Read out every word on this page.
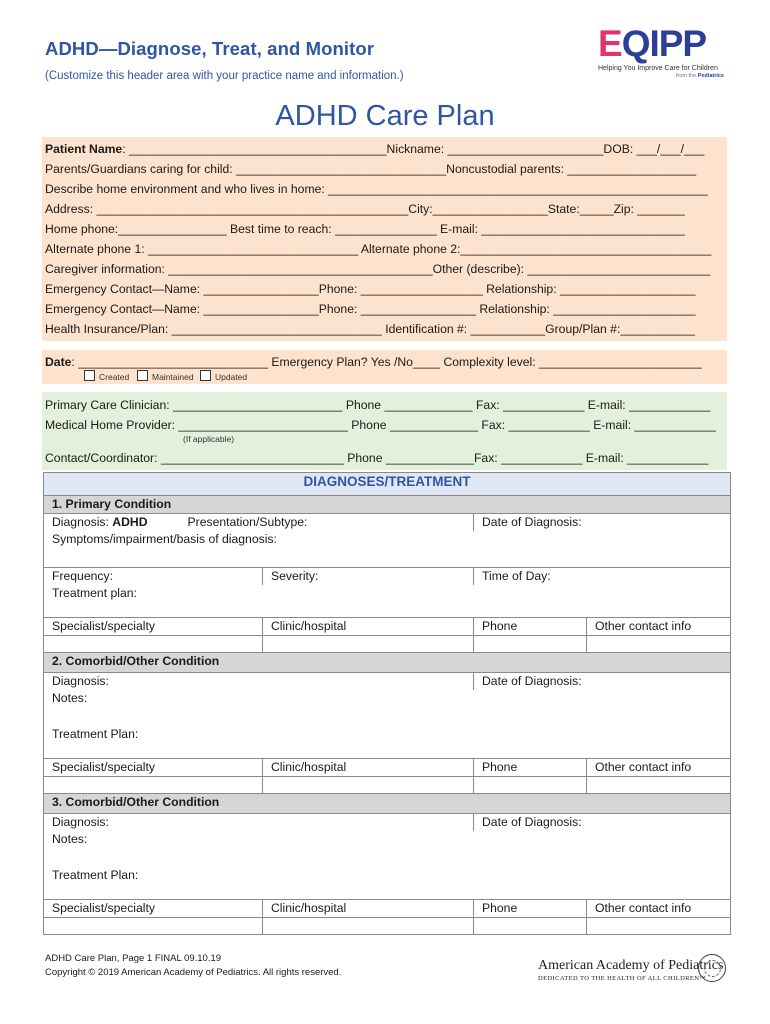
ADHD—Diagnose, Treat, and Monitor
(Customize this header area with your practice name and information.)
EQIPP
Helping You Improve Care for Children
from the Pediatrics
ADHD Care Plan
Patient Name: ______________________________________Nickname: _______________________DOB: ___/___/___
Parents/Guardians caring for child: _______________________________Noncustodial parents: ___________________
Describe home environment and who lives in home: ________________________________________________________
Address: ______________________________________________City:_________________State:_____Zip: _______
Home phone:________________ Best time to reach: _______________ E-mail: ______________________________
Alternate phone 1: _______________________________ Alternate phone 2:_____________________________________
Caregiver information: _______________________________________Other (describe): ___________________________
Emergency Contact—Name: _________________Phone: __________________ Relationship: ____________________
Emergency Contact—Name: _________________Phone: _________________ Relationship: _____________________
Health Insurance/Plan: _______________________________ Identification #: ___________Group/Plan #:___________
Date: ____________________________ Emergency Plan? Yes /No____ Complexity level: ________________________
Created	Maintained	Updated
Primary Care Clinician: _________________________ Phone _____________ Fax: ____________ E-mail: ____________
Medical Home Provider: _________________________ Phone _____________ Fax: ____________ E-mail: ____________
(If applicable)
Contact/Coordinator: ___________________________ Phone _____________Fax: ____________ E-mail: ____________
DIAGNOSES/TREATMENT			
1. Primary Condition			
Diagnosis: ADHD Presentation/Subtype:		Date of Diagnosis:	
Symptoms/impairment/basis of diagnosis:			
Frequency:	Severity:	Time of Day:	
Treatment plan:			
Specialist/specialty	Clinic/hospital	Phone	Other contact info

2. Comorbid/Other Condition			
Diagnosis:		Date of Diagnosis:	
Notes:			
Treatment Plan:			
Specialist/specialty	Clinic/hospital	Phone	Other contact info

3. Comorbid/Other Condition			
Diagnosis:		Date of Diagnosis:	
Notes:			
Treatment Plan:			
Specialist/specialty	Clinic/hospital	Phone	Other contact info

ADHD Care Plan, Page 1 FINAL 09.10.19
Copyright © 2019 American Academy of Pediatrics. All rights reserved.	American Academy of Pediatrics
DEDICATED TO THE HEALTH OF ALL CHILDREN™
